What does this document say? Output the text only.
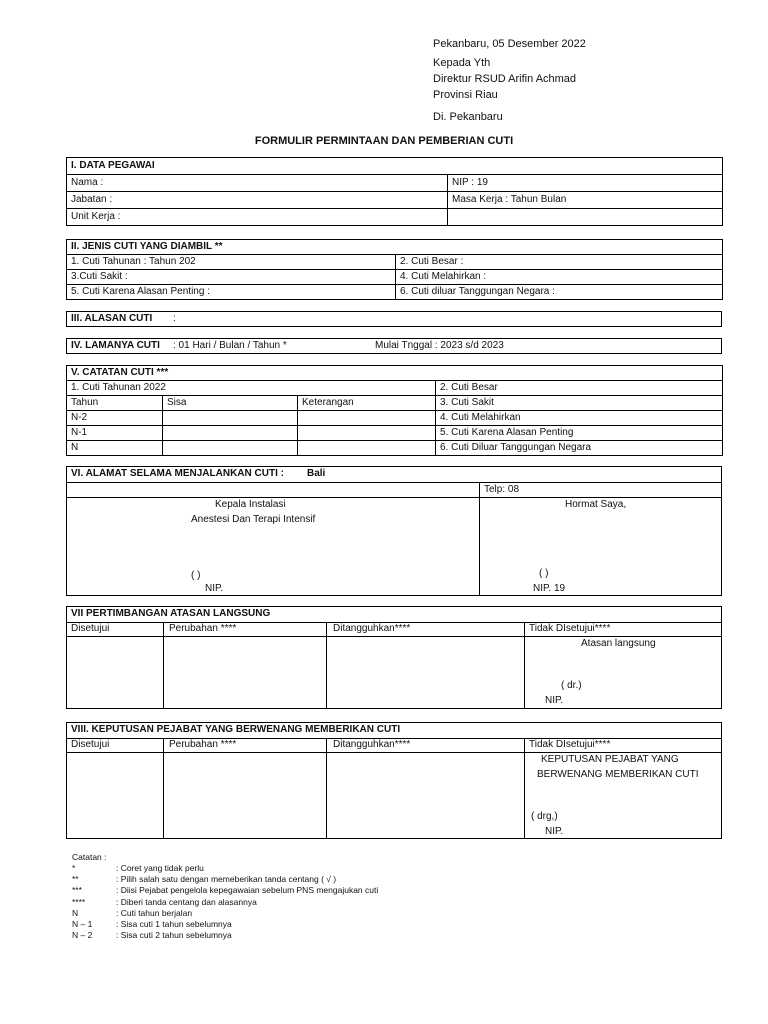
Pekanbaru, 05 Desember 2022
Kepada Yth
Direktur RSUD Arifin Achmad
Provinsi Riau
Di. Pekanbaru
FORMULIR PERMINTAAN DAN PEMBERIAN CUTI
I. DATA PEGAWAI	
Nama :	NIP : 19
Jabatan :	Masa Kerja : Tahun Bulan
Unit Kerja :	
II. JENIS CUTI YANG DIAMBIL **	
1. Cuti Tahunan : Tahun 202	2. Cuti Besar :
3.Cuti Sakit :	4. Cuti Melahirkan :
5. Cuti Karena Alasan Penting :	6. Cuti diluar Tanggungan Negara :
III. ALASAN CUTI :
IV. LAMANYA CUTI : 01 Hari / Bulan / Tahun *	Mulai Tnggal : 2023 s/d 2023
V. CATATAN CUTI ***			
1. Cuti Tahunan 2022			2. Cuti Besar
Tahun	Sisa	Keterangan	3. Cuti Sakit
N-2			4. Cuti Melahirkan
N-1			5. Cuti Karena Alasan Penting
N			6. Cuti Diluar Tanggungan Negara
VI. ALAMAT SELAMA MENJALANKAN CUTI : Bali
Telp: 08
Kepala Instalasi
Anestesi Dan Terapi Intensif
( )
NIP.
Hormat Saya,
( )
NIP. 19
VII PERTIMBANGAN ATASAN LANGSUNG
Disetujui	Perubahan ****	Ditangguhkan****	Tidak DIsetujui****
Atasan langsung
( dr.)
NIP.
VIII. KEPUTUSAN PEJABAT YANG BERWENANG MEMBERIKAN CUTI
Disetujui	Perubahan ****	Ditangguhkan****	Tidak DIsetujui****
KEPUTUSAN PEJABAT YANG
BERWENANG MEMBERIKAN CUTI
( drg,)
NIP.
Catatan :
*	: Coret yang tidak perlu
**	: Pilih salah satu dengan memeberikan tanda centang ( √ )
***	: Diisi Pejabat pengelola kepegawaian sebelum PNS mengajukan cuti
****	: Diberi tanda centang dan alasannya
N	: Cuti tahun berjalan
N – 1	: Sisa cuti 1 tahun sebelumnya
N – 2	: Sisa cuti 2 tahun sebelumnya
